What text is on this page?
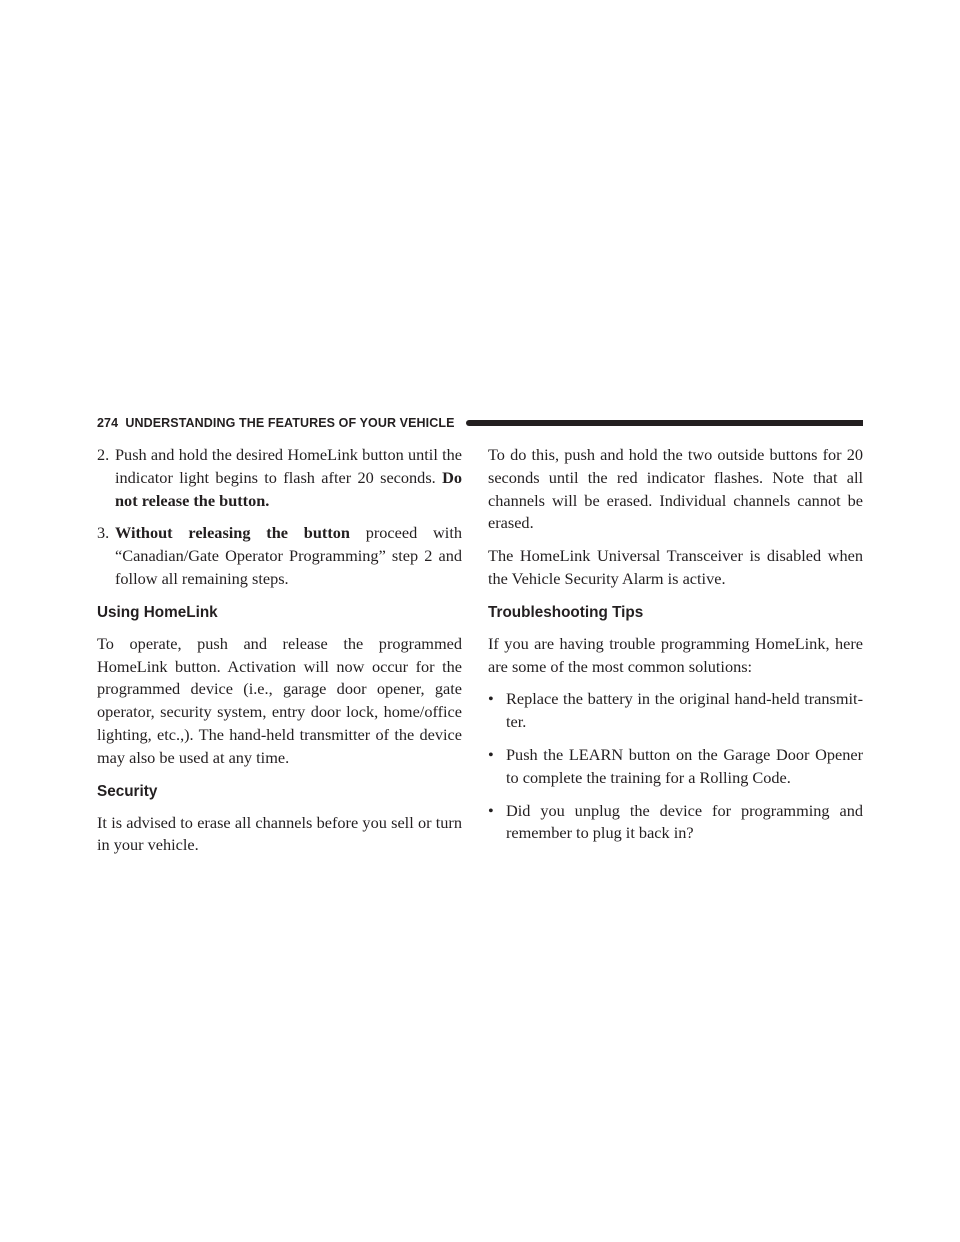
274 UNDERSTANDING THE FEATURES OF YOUR VEHICLE
2. Push and hold the desired HomeLink button until the indicator light begins to flash after 20 seconds. Do not release the button.
3. Without releasing the button proceed with “Canadian/Gate Operator Programming” step 2 and follow all remaining steps.
Using HomeLink
To operate, push and release the programmed HomeLink button. Activation will now occur for the programmed device (i.e., garage door opener, gate operator, security system, entry door lock, home/office lighting, etc.,). The hand-held transmitter of the device may also be used at any time.
Security
It is advised to erase all channels before you sell or turn in your vehicle.
To do this, push and hold the two outside buttons for 20 seconds until the red indicator flashes. Note that all channels will be erased. Individual channels cannot be erased.
The HomeLink Universal Transceiver is disabled when the Vehicle Security Alarm is active.
Troubleshooting Tips
If you are having trouble programming HomeLink, here are some of the most common solutions:
• Replace the battery in the original hand-held transmit-ter.
• Push the LEARN button on the Garage Door Opener to complete the training for a Rolling Code.
• Did you unplug the device for programming and remember to plug it back in?
